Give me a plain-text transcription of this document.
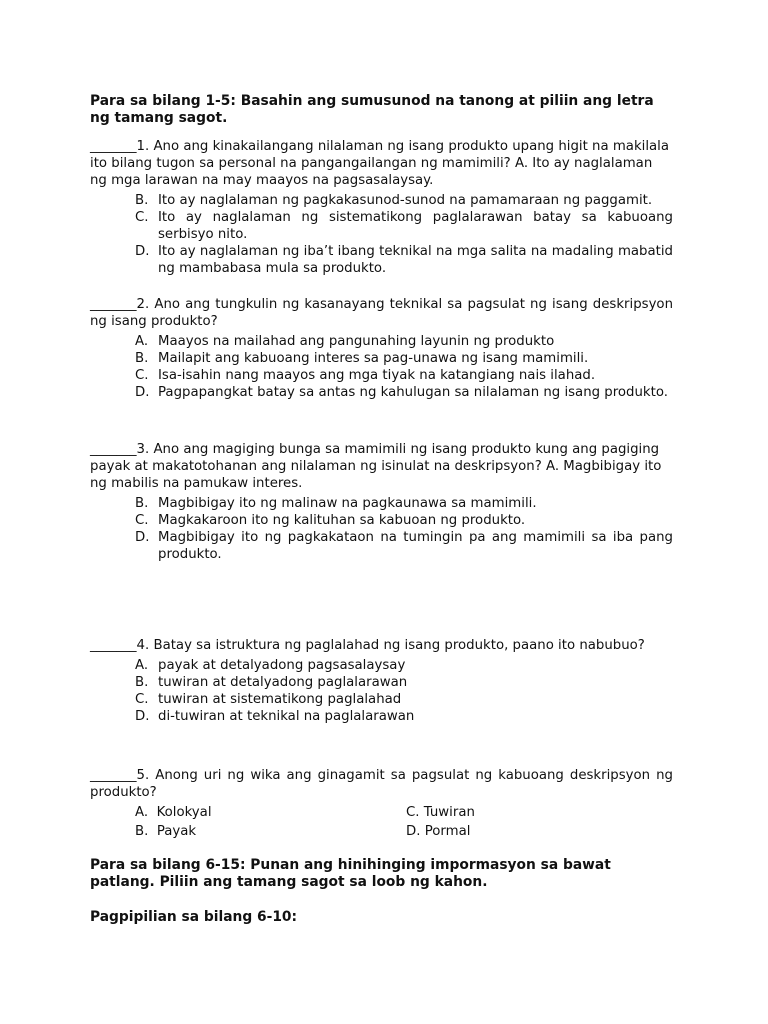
Para sa bilang 1-5: Basahin ang sumusunod na tanong at piliin ang letra ng tamang sagot.
_______1. Ano ang kinakailangang nilalaman ng isang produkto upang higit na makilala ito bilang tugon sa personal na pangangailangan ng mamimili? A. Ito ay naglalaman ng mga larawan na may maayos na pagsasalaysay.
B. Ito ay naglalaman ng pagkakasunod-sunod na pamamaraan ng paggamit.
C. Ito ay naglalaman ng sistematikong paglalarawan batay sa kabuoang serbisyo nito.
D. Ito ay naglalaman ng iba’t ibang teknikal na mga salita na madaling mabatid ng mambabasa mula sa produkto.
_______2. Ano ang tungkulin ng kasanayang teknikal sa pagsulat ng isang deskripsyon ng isang produkto?
A. Maayos na mailahad ang pangunahing layunin ng produkto
B. Mailapit ang kabuoang interes sa pag-unawa ng isang mamimili.
C. Isa-isahin nang maayos ang mga tiyak na katangiang nais ilahad.
D. Pagpapangkat batay sa antas ng kahulugan sa nilalaman ng isang produkto.
_______3. Ano ang magiging bunga sa mamimili ng isang produkto kung ang pagiging payak at makatotohanan ang nilalaman ng isinulat na deskripsyon? A. Magbibigay ito ng mabilis na pamukaw interes.
B. Magbibigay ito ng malinaw na pagkaunawa sa mamimili.
C. Magkakaroon ito ng kalituhan sa kabuoan ng produkto.
D. Magbibigay ito ng pagkakataon na tumingin pa ang mamimili sa iba pang produkto.
_______4. Batay sa istruktura ng paglalahad ng isang produkto, paano ito nabubuo?
A. payak at detalyadong pagsasalaysay
B. tuwiran at detalyadong paglalarawan
C. tuwiran at sistematikong paglalahad
D. di-tuwiran at teknikal na paglalarawan
_______5. Anong uri ng wika ang ginagamit sa pagsulat ng kabuoang deskripsyon ng produkto?
A. Kolokyal	C. Tuwiran
B. Payak	D. Pormal
Para sa bilang 6-15: Punan ang hinihinging impormasyon sa bawat patlang. Piliin ang tamang sagot sa loob ng kahon.
Pagpipilian sa bilang 6-10:
